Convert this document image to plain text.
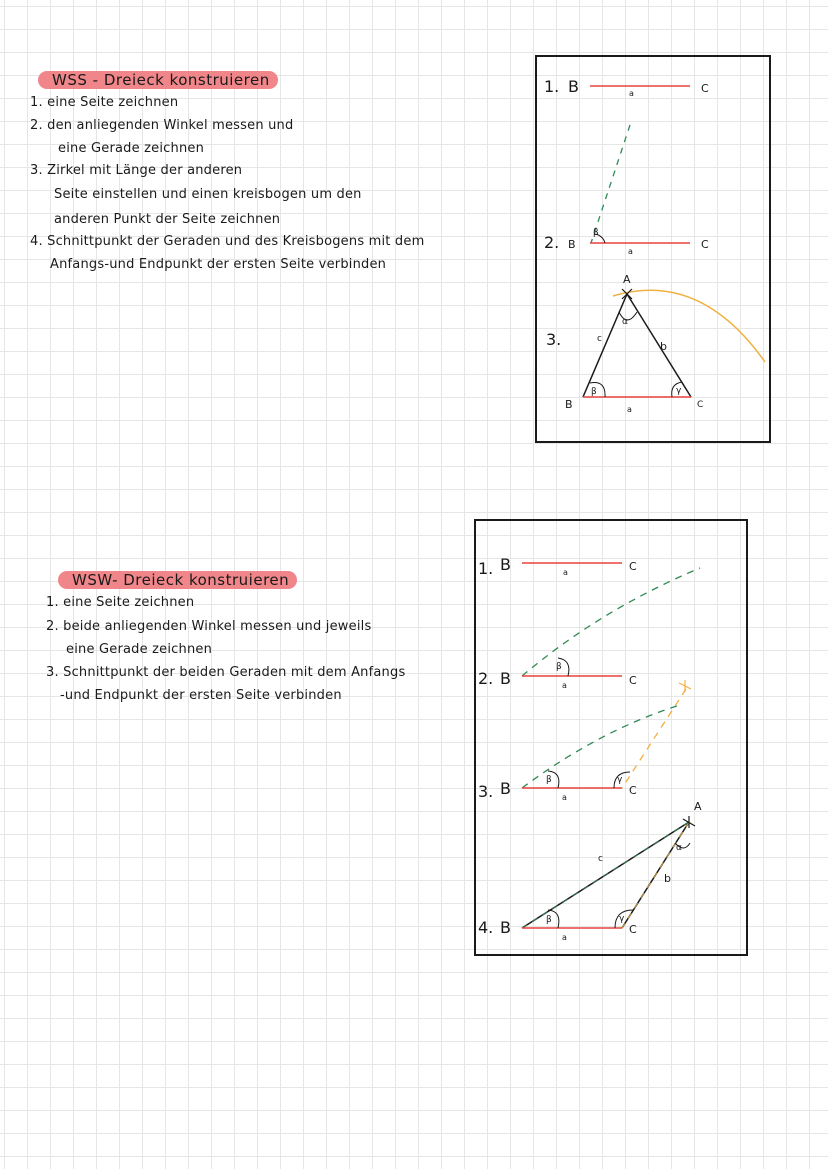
WSS - Dreieck konstruieren
1. eine Seite zeichnen
2. den anliegenden Winkel messen und
eine Gerade zeichnen
3. Zirkel mit Länge der anderen
Seite einstellen und einen kreisbogen um den
anderen Punkt der Seite zeichnen
4. Schnittpunkt der Geraden und des Kreisbogens mit dem
Anfangs-und Endpunkt der ersten Seite verbinden
WSW- Dreieck konstruieren
1. eine Seite zeichnen
2. beide anliegenden Winkel messen und jeweils
eine Gerade zeichnen
3. Schnittpunkt der beiden Geraden mit dem Anfangs
-und Endpunkt der ersten Seite verbinden
1. B	a	C
2. B
β
a
C
3.
A
α
c
b
β	γ
B	a	C
1. B	a	C
2. B
β
a	C
3. B	β	γ
a
C
A
α
c
b
4. B	β	γ
a
C
